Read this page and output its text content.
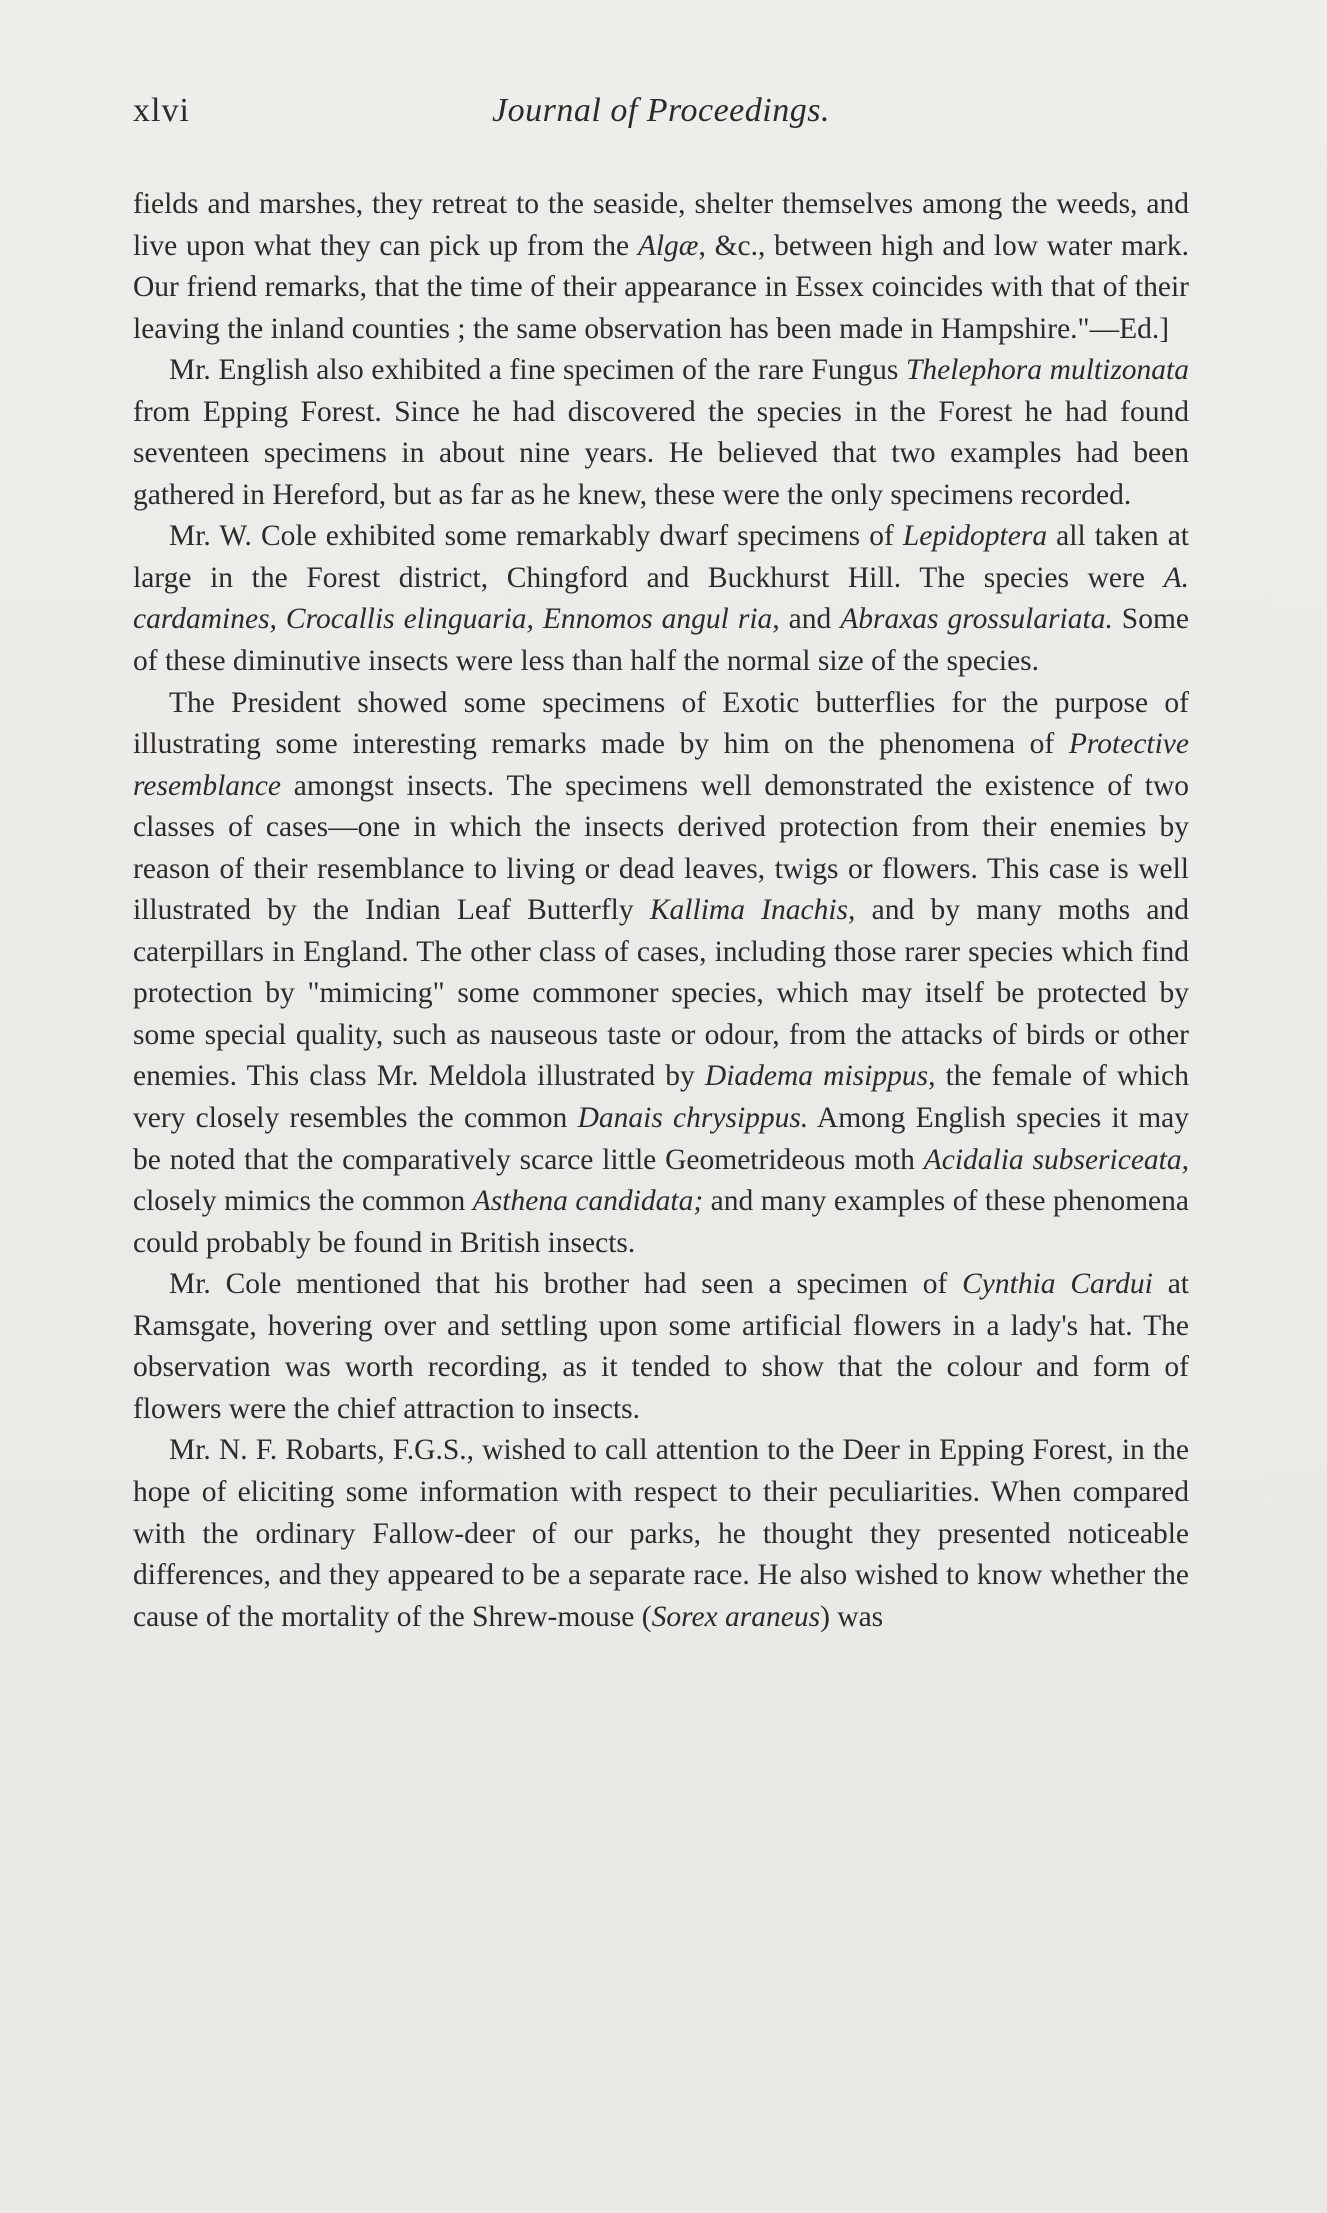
xlvi	Journal of Proceedings.

fields and marshes, they retreat to the seaside, shelter themselves among the weeds, and live upon what they can pick up from the Algæ, &c., between high and low water mark. Our friend remarks, that the time of their appearance in Essex coincides with that of their leaving the inland counties ; the same observation has been made in Hampshire."—Ed.]

Mr. English also exhibited a fine specimen of the rare Fungus Thelephora multizonata from Epping Forest. Since he had discovered the species in the Forest he had found seventeen specimens in about nine years. He believed that two examples had been gathered in Hereford, but as far as he knew, these were the only specimens recorded.

Mr. W. Cole exhibited some remarkably dwarf specimens of Lepidoptera all taken at large in the Forest district, Chingford and Buckhurst Hill. The species were A. cardamines, Crocallis elinguaria, Ennomos angul ria, and Abraxas grossulariata. Some of these diminutive insects were less than half the normal size of the species.

The President showed some specimens of Exotic butterflies for the purpose of illustrating some interesting remarks made by him on the phenomena of Protective resemblance amongst insects. The specimens well demonstrated the existence of two classes of cases—one in which the insects derived protection from their enemies by reason of their resemblance to living or dead leaves, twigs or flowers. This case is well illustrated by the Indian Leaf Butterfly Kallima Inachis, and by many moths and caterpillars in England. The other class of cases, including those rarer species which find protection by "mimicing" some commoner species, which may itself be protected by some special quality, such as nauseous taste or odour, from the attacks of birds or other enemies. This class Mr. Meldola illustrated by Diadema misippus, the female of which very closely resembles the common Danais chrysippus. Among English species it may be noted that the comparatively scarce little Geometrideous moth Acidalia subsericeata, closely mimics the common Asthena candidata; and many examples of these phenomena could probably be found in British insects.

Mr. Cole mentioned that his brother had seen a specimen of Cynthia Cardui at Ramsgate, hovering over and settling upon some artificial flowers in a lady's hat. The observation was worth recording, as it tended to show that the colour and form of flowers were the chief attraction to insects.

Mr. N. F. Robarts, F.G.S., wished to call attention to the Deer in Epping Forest, in the hope of eliciting some information with respect to their peculiarities. When compared with the ordinary Fallow-deer of our parks, he thought they presented noticeable differences, and they appeared to be a separate race. He also wished to know whether the cause of the mortality of the Shrew-mouse (Sorex araneus) was
